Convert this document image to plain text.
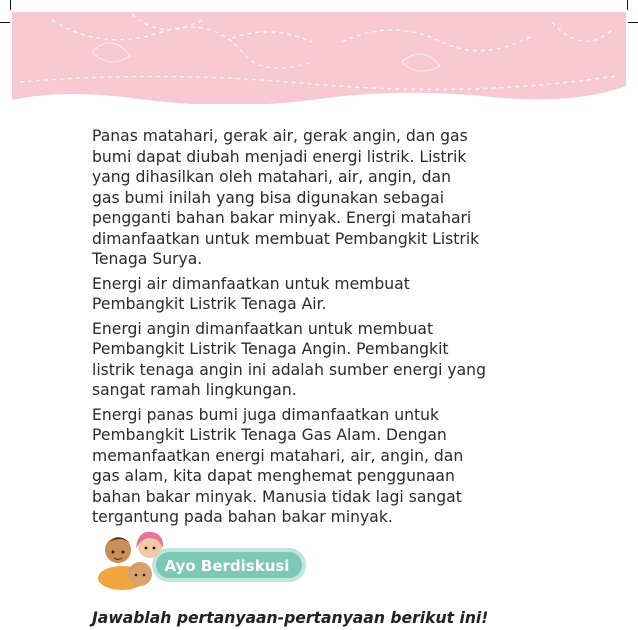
Panas matahari, gerak air, gerak angin, dan gas
bumi dapat diubah menjadi energi listrik. Listrik
yang dihasilkan oleh matahari, air, angin, dan
gas bumi inilah yang bisa digunakan sebagai
pengganti bahan bakar minyak. Energi matahari
dimanfaatkan untuk membuat Pembangkit Listrik
Tenaga Surya.

Energi air dimanfaatkan untuk membuat
Pembangkit Listrik Tenaga Air.

Energi angin dimanfaatkan untuk membuat
Pembangkit Listrik Tenaga Angin. Pembangkit
listrik tenaga angin ini adalah sumber energi yang
sangat ramah lingkungan.

Energi panas bumi juga dimanfaatkan untuk
Pembangkit Listrik Tenaga Gas Alam. Dengan
memanfaatkan energi matahari, air, angin, dan
gas alam, kita dapat menghemat penggunaan
bahan bakar minyak. Manusia tidak lagi sangat
tergantung pada bahan bakar minyak.

Ayo Berdiskusi
Jawablah pertanyaan-pertanyaan berikut ini!
